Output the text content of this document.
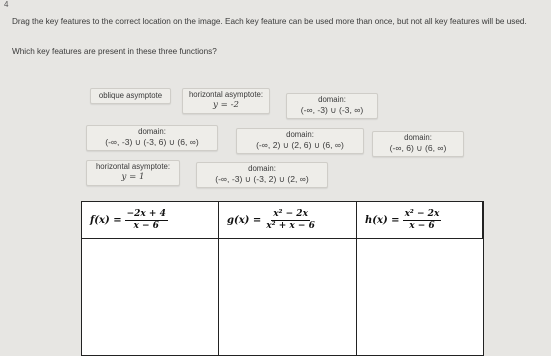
4
Drag the key features to the correct location on the image. Each key feature can be used more than once, but not all key features will be used.
Which key features are present in these three functions?
oblique asymptote	horizontal asymptote:
y = -2
domain:
(-∞, -3) ∪ (-3, ∞)
domain:
(-∞, -3) ∪ (-3, 6) ∪ (6, ∞)
domain:
(-∞, 2) ∪ (2, 6) ∪ (6, ∞)
domain:
(-∞, 6) ∪ (6, ∞)
horizontal asymptote:
y = 1
domain:
(-∞, -3) ∪ (-3, 2) ∪ (2, ∞)
$f(x) = \frac{-2x + 4}{x - 6}$	$g(x) = \frac{\text{x² − 2x}}{\text{x² + x − 6}}$	$h(x) = \frac{\text{x² − 2x}}{x - 6}$
